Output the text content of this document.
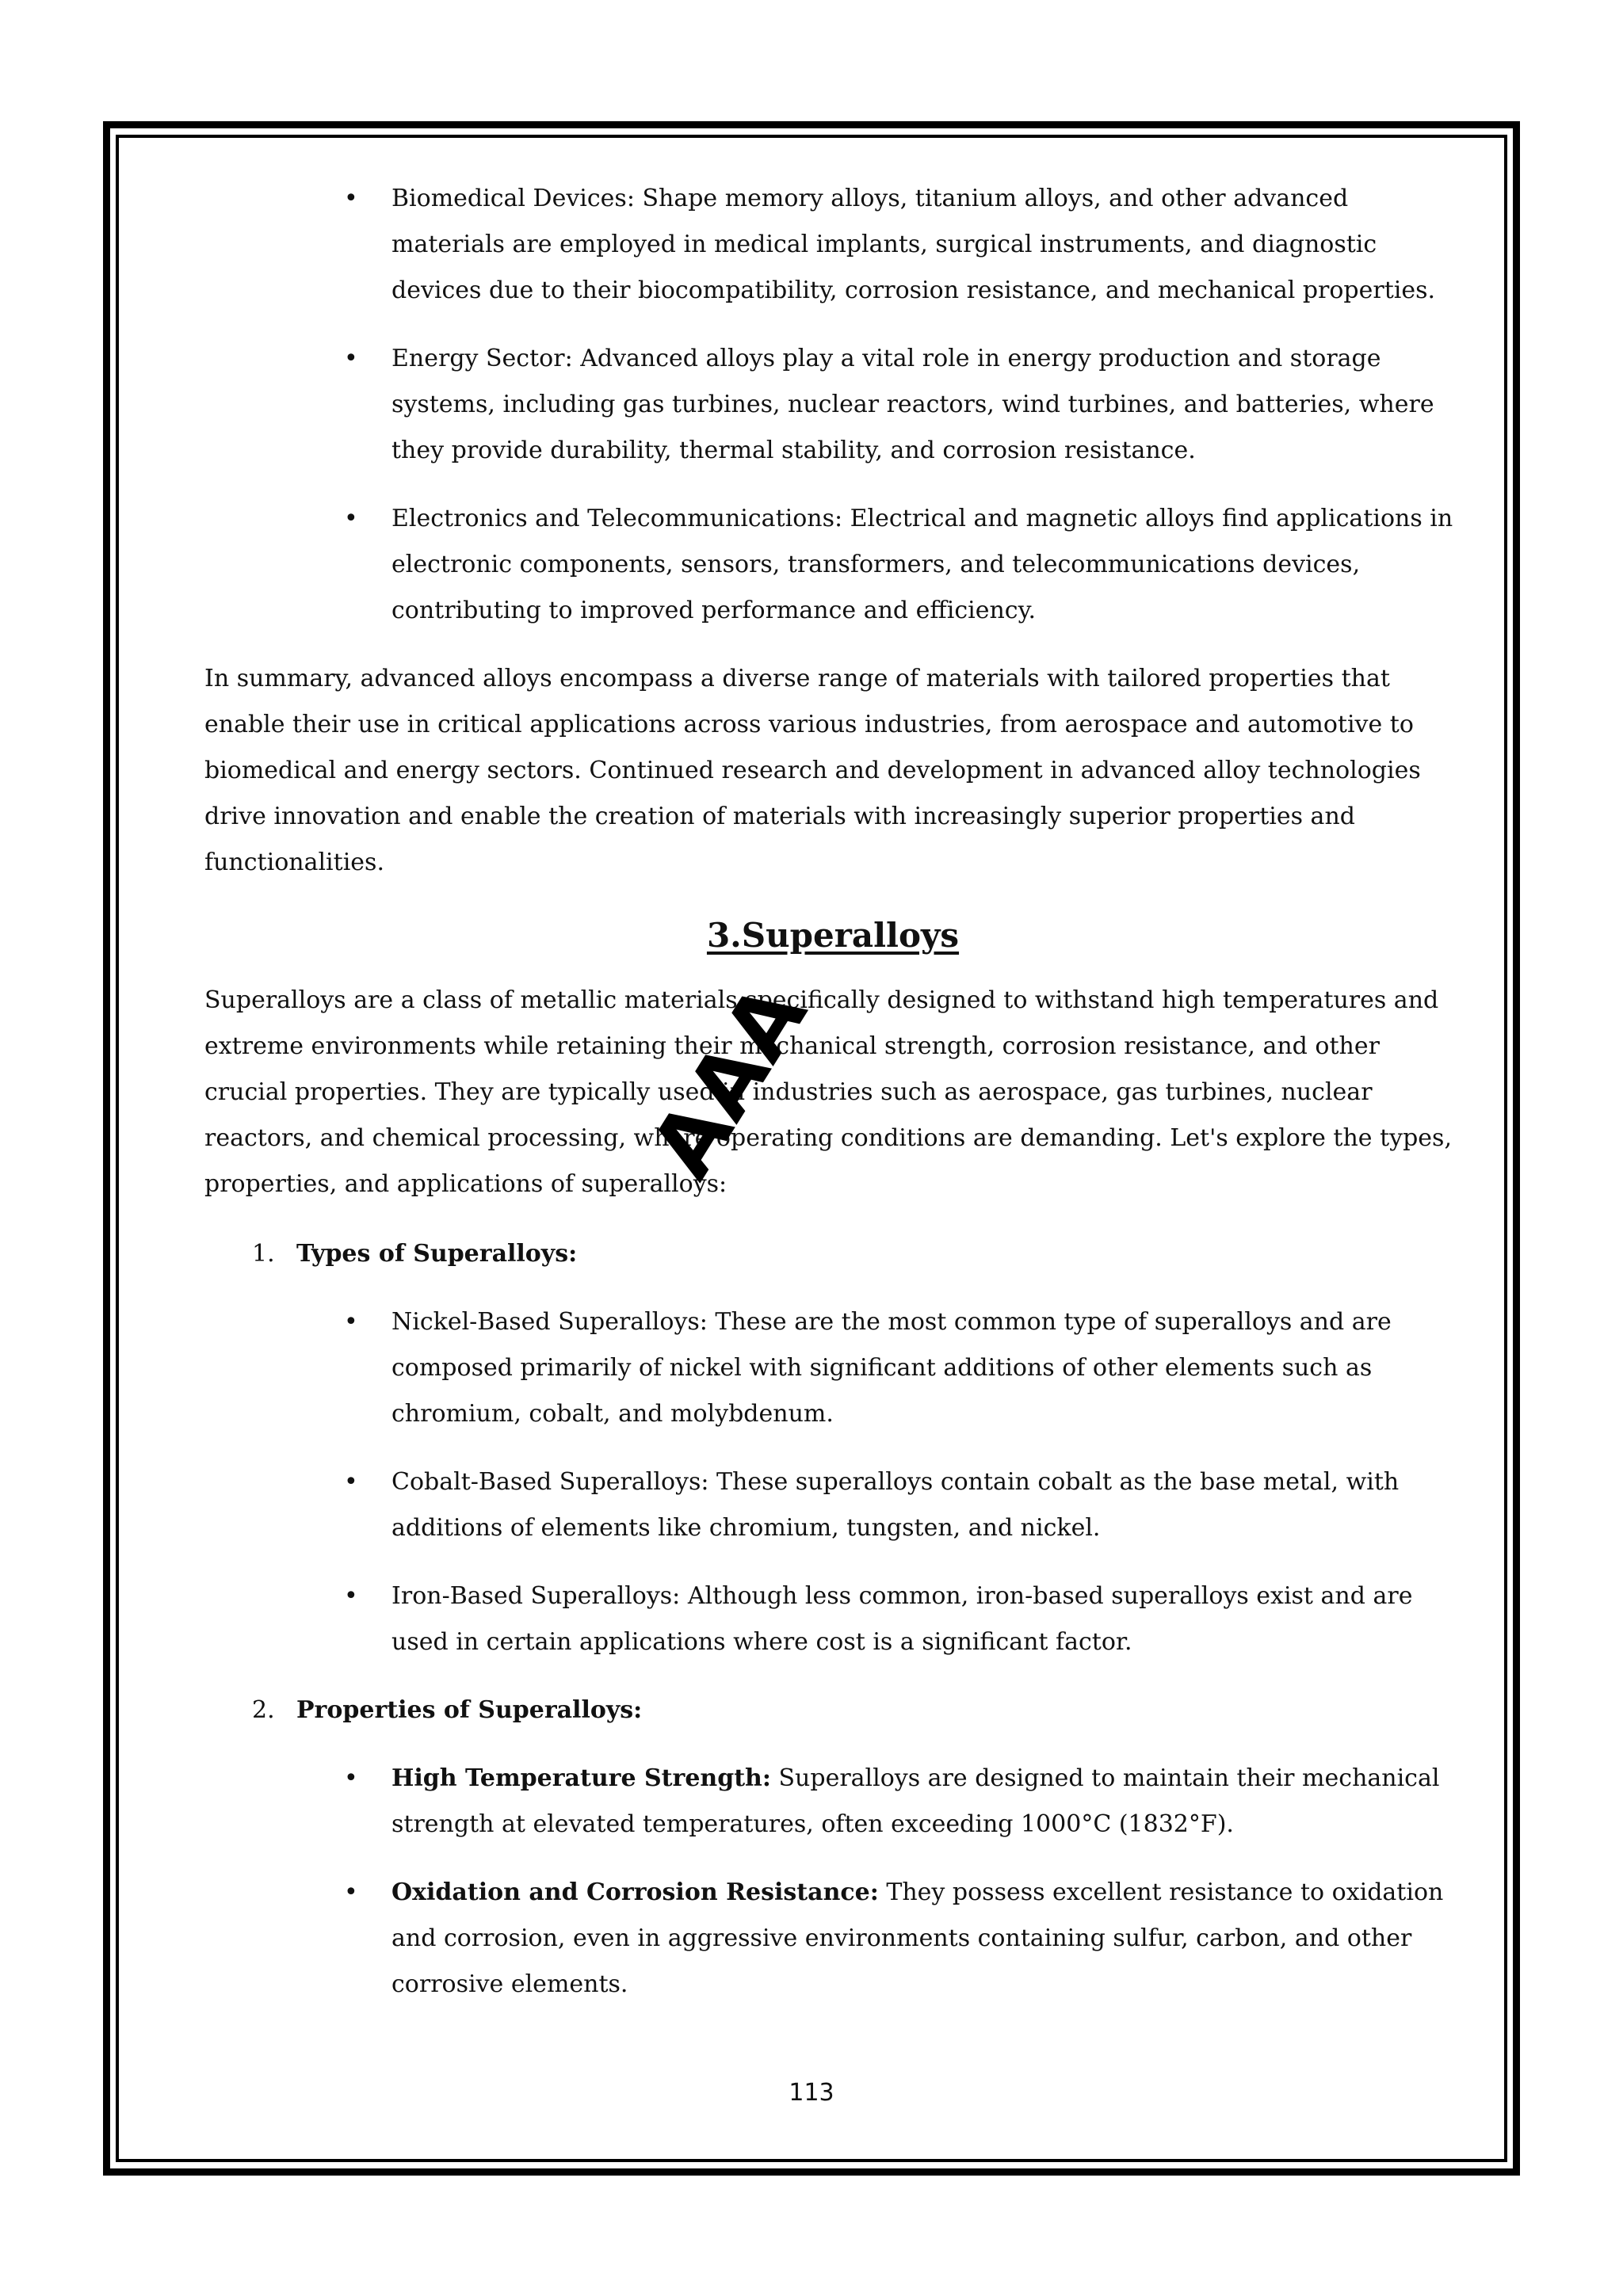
• Biomedical Devices: Shape memory alloys, titanium alloys, and other advanced materials are employed in medical implants, surgical instruments, and diagnostic devices due to their biocompatibility, corrosion resistance, and mechanical properties.
• Energy Sector: Advanced alloys play a vital role in energy production and storage systems, including gas turbines, nuclear reactors, wind turbines, and batteries, where they provide durability, thermal stability, and corrosion resistance.
• Electronics and Telecommunications: Electrical and magnetic alloys find applications in electronic components, sensors, transformers, and telecommunications devices, contributing to improved performance and efficiency.

In summary, advanced alloys encompass a diverse range of materials with tailored properties that enable their use in critical applications across various industries, from aerospace and automotive to biomedical and energy sectors. Continued research and development in advanced alloy technologies drive innovation and enable the creation of materials with increasingly superior properties and functionalities.

3.Superalloys

Superalloys are a class of metallic materials specifically designed to withstand high temperatures and extreme environments while retaining their mechanical strength, corrosion resistance, and other crucial properties. They are typically used in industries such as aerospace, gas turbines, nuclear reactors, and chemical processing, where operating conditions are demanding. Let's explore the types, properties, and applications of superalloys:

1. Types of Superalloys:
• Nickel-Based Superalloys: These are the most common type of superalloys and are composed primarily of nickel with significant additions of other elements such as chromium, cobalt, and molybdenum.
• Cobalt-Based Superalloys: These superalloys contain cobalt as the base metal, with additions of elements like chromium, tungsten, and nickel.
• Iron-Based Superalloys: Although less common, iron-based superalloys exist and are used in certain applications where cost is a significant factor.
2. Properties of Superalloys:
• High Temperature Strength: Superalloys are designed to maintain their mechanical strength at elevated temperatures, often exceeding 1000°C (1832°F).
• Oxidation and Corrosion Resistance: They possess excellent resistance to oxidation and corrosion, even in aggressive environments containing sulfur, carbon, and other corrosive elements.
AAA
113
